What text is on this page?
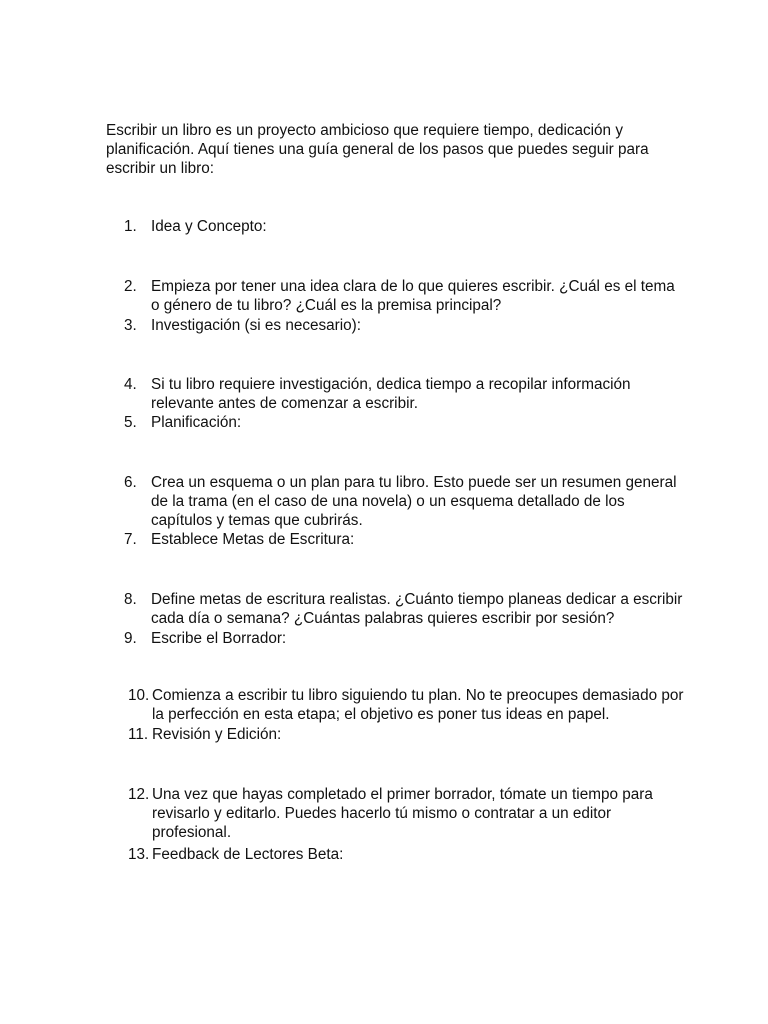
Escribir un libro es un proyecto ambicioso que requiere tiempo, dedicación y planificación. Aquí tienes una guía general de los pasos que puedes seguir para escribir un libro:

1. Idea y Concepto:
2. Empieza por tener una idea clara de lo que quieres escribir. ¿Cuál es el tema o género de tu libro? ¿Cuál es la premisa principal?
3. Investigación (si es necesario):
4. Si tu libro requiere investigación, dedica tiempo a recopilar información relevante antes de comenzar a escribir.
5. Planificación:
6. Crea un esquema o un plan para tu libro. Esto puede ser un resumen general de la trama (en el caso de una novela) o un esquema detallado de los capítulos y temas que cubrirás.
7. Establece Metas de Escritura:
8. Define metas de escritura realistas. ¿Cuánto tiempo planeas dedicar a escribir cada día o semana? ¿Cuántas palabras quieres escribir por sesión?
9. Escribe el Borrador:
10. Comienza a escribir tu libro siguiendo tu plan. No te preocupes demasiado por la perfección en esta etapa; el objetivo es poner tus ideas en papel.
11. Revisión y Edición:
12. Una vez que hayas completado el primer borrador, tómate un tiempo para revisarlo y editarlo. Puedes hacerlo tú mismo o contratar a un editor profesional.
13. Feedback de Lectores Beta:
